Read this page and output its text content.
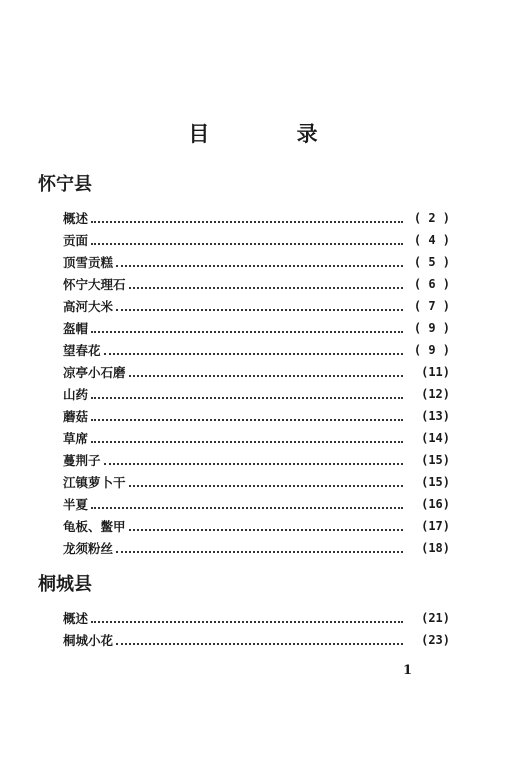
目 录
怀宁县
概述	( 2 )
贡面	( 4 )
顶雪贡糕	( 5 )
怀宁大理石	( 6 )
高河大米	( 7 )
盔帽	( 9 )
望春花	( 9 )
凉亭小石磨	(11)
山药	(12)
蘑菇	(13)
草席	(14)
蔓荆子	(15)
江镇萝卜干	(15)
半夏	(16)
龟板、鳖甲	(17)
龙须粉丝	(18)
桐城县
概述	(21)
桐城小花	(23)
1
